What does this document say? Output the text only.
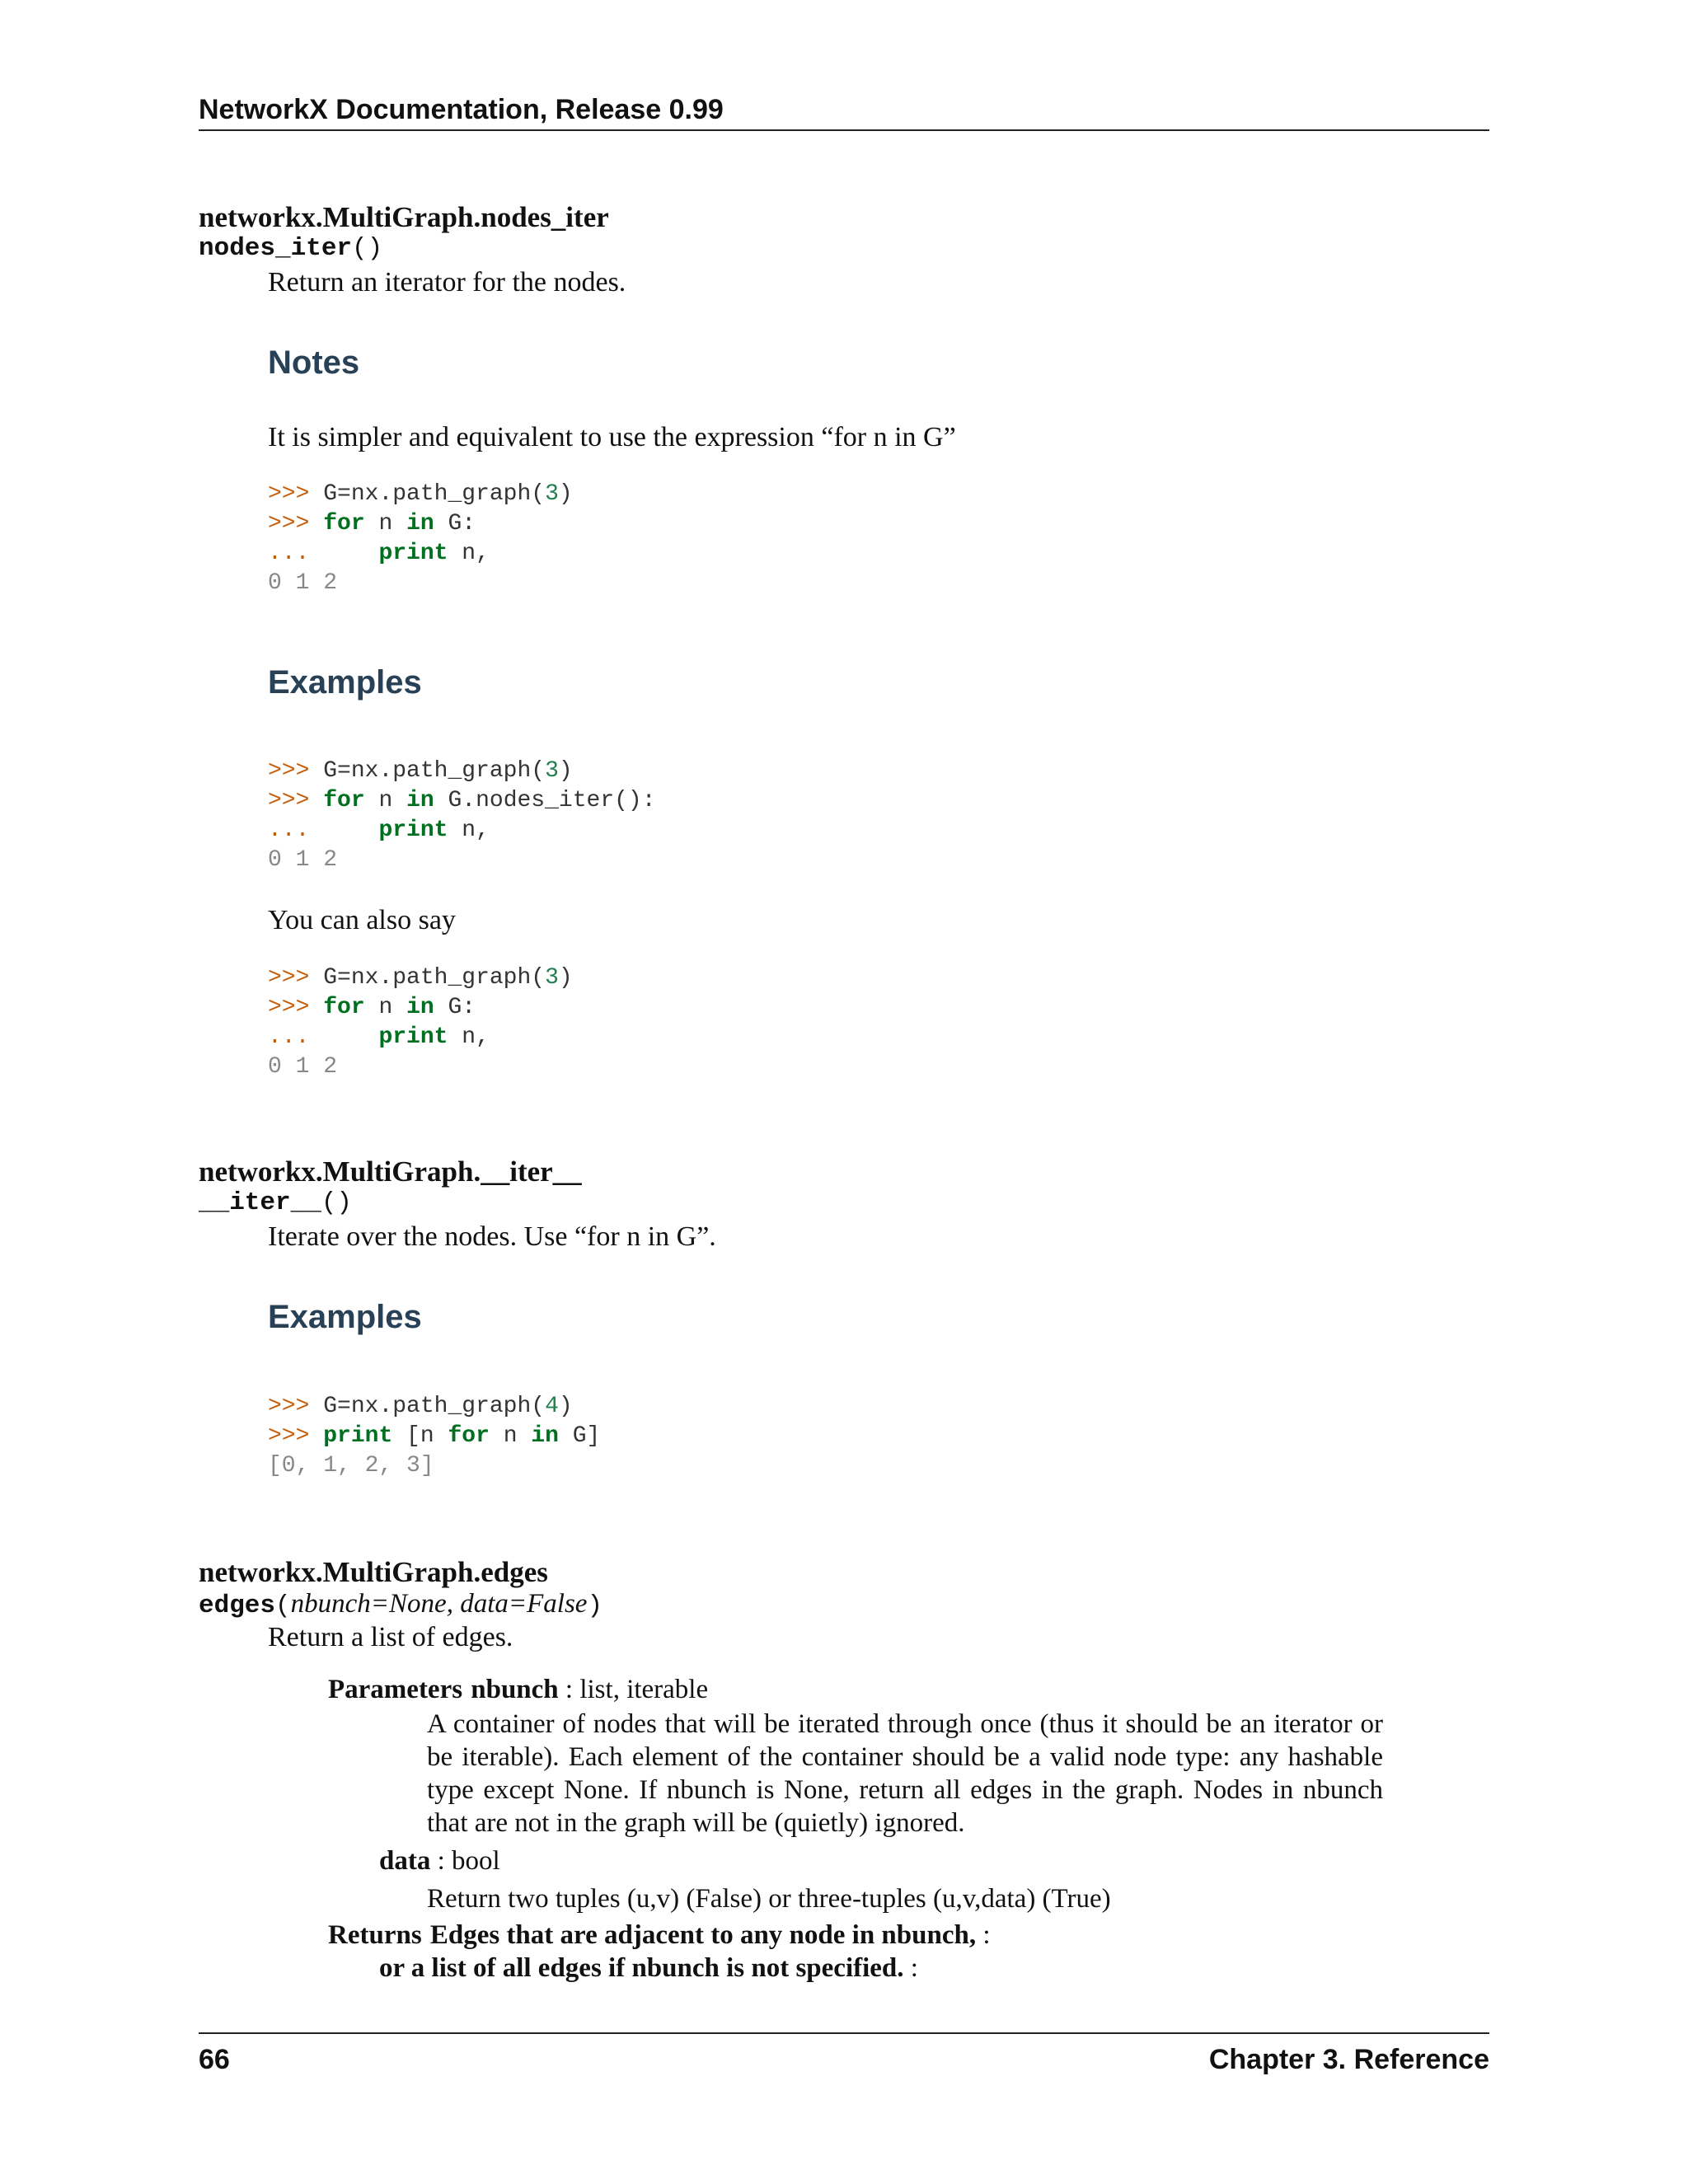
NetworkX Documentation, Release 0.99
networkx.MultiGraph.nodes_iter
nodes_iter()
Return an iterator for the nodes.
Notes
It is simpler and equivalent to use the expression “for n in G”
>>> G=nx.path_graph(3)
>>> for n in G:
...	print n,
0 1 2
Examples
>>> G=nx.path_graph(3)
>>> for n in G.nodes_iter():
...	print n,
0 1 2
You can also say
>>> G=nx.path_graph(3)
>>> for n in G:
...	print n,
0 1 2
networkx.MultiGraph.__iter__
__iter__()
Iterate over the nodes. Use “for n in G”.
Examples
>>> G=nx.path_graph(4)
>>> print [n for n in G]
[0, 1, 2, 3]
networkx.MultiGraph.edges
edges(nbunch=None, data=False)
Return a list of edges.
Parameters nbunch : list, iterable
A container of nodes that will be iterated through once (thus it should be an iterator or be iterable). Each element of the container should be a valid node type: any hashable type except None. If nbunch is None, return all edges in the graph. Nodes in nbunch that are not in the graph will be (quietly) ignored.
data : bool
Return two tuples (u,v) (False) or three-tuples (u,v,data) (True)
Returns Edges that are adjacent to any node in nbunch, :
or a list of all edges if nbunch is not specified. :
66	Chapter 3. Reference
